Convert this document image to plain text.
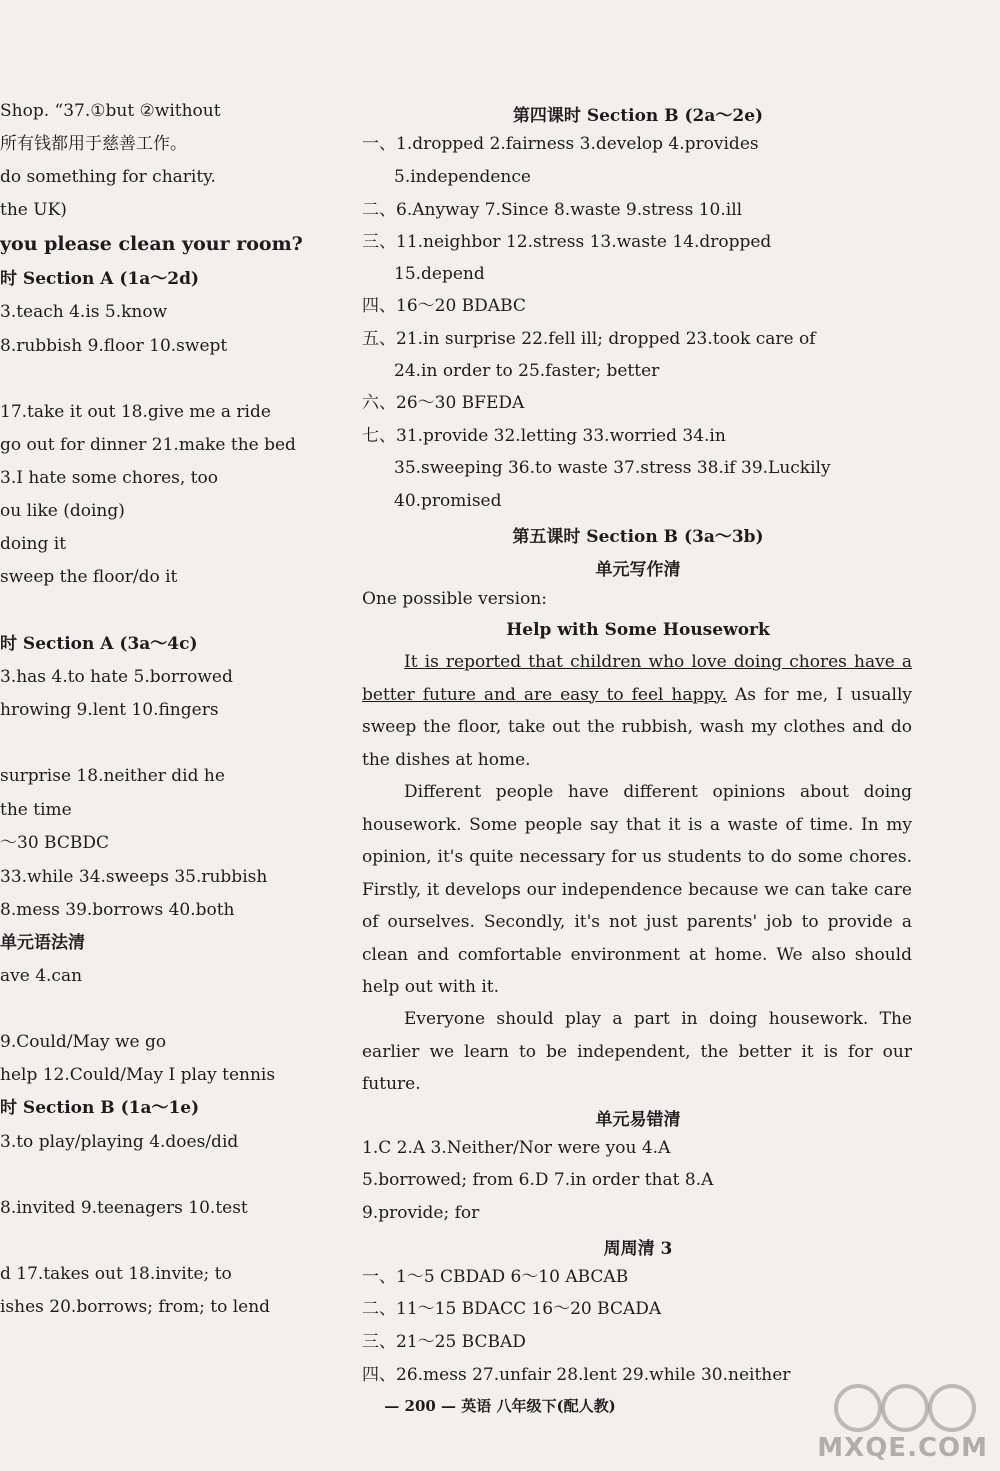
Shop. “37.①but ②without
所有钱都用于慈善工作。
do something for charity.
the UK)
you please clean your room?
时 Section A (1a～2d)
3.teach 4.is 5.know
8.rubbish 9.floor 10.swept
17.take it out 18.give me a ride
go out for dinner 21.make the bed
3.I hate some chores, too
ou like (doing)
doing it
sweep the floor/do it
时 Section A (3a～4c)
3.has 4.to hate 5.borrowed
hrowing 9.lent 10.fingers
surprise 18.neither did he
the time
～30 BCBDC
33.while 34.sweeps 35.rubbish
8.mess 39.borrows 40.both
单元语法清
ave 4.can
9.Could/May we go
help 12.Could/May I play tennis
时 Section B (1a～1e)
3.to play/playing 4.does/did
8.invited 9.teenagers 10.test
d 17.takes out 18.invite; to
ishes 20.borrows; from; to lend
第四课时 Section B (2a～2e)
一、1.dropped 2.fairness 3.develop 4.provides
5.independence
二、6.Anyway 7.Since 8.waste 9.stress 10.ill
三、11.neighbor 12.stress 13.waste 14.dropped
15.depend
四、16～20 BDABC
五、21.in surprise 22.fell ill; dropped 23.took care of
24.in order to 25.faster; better
六、26～30 BFEDA
七、31.provide 32.letting 33.worried 34.in
35.sweeping 36.to waste 37.stress 38.if 39.Luckily
40.promised
第五课时 Section B (3a～3b)
单元写作清
One possible version:
Help with Some Housework
It is reported that children who love doing chores have a better future and are easy to feel happy. As for me, I usually sweep the floor, take out the rubbish, wash my clothes and do the dishes at home.
Different people have different opinions about doing housework. Some people say that it is a waste of time. In my opinion, it's quite necessary for us students to do some chores. Firstly, it develops our independence because we can take care of ourselves. Secondly, it's not just parents' job to provide a clean and comfortable environment at home. We also should help out with it.
Everyone should play a part in doing housework. The earlier we learn to be independent, the better it is for our future.
单元易错清
1.C 2.A 3.Neither/Nor were you 4.A
5.borrowed; from 6.D 7.in order that 8.A
9.provide; for
周周清 3
一、1～5 CBDAD 6～10 ABCAB
二、11～15 BDACC 16～20 BCADA
三、21～25 BCBAD
四、26.mess 27.unfair 28.lent 29.while 30.neither
— 200 — 英语 八年级下(配人教)
MXQE.COM
